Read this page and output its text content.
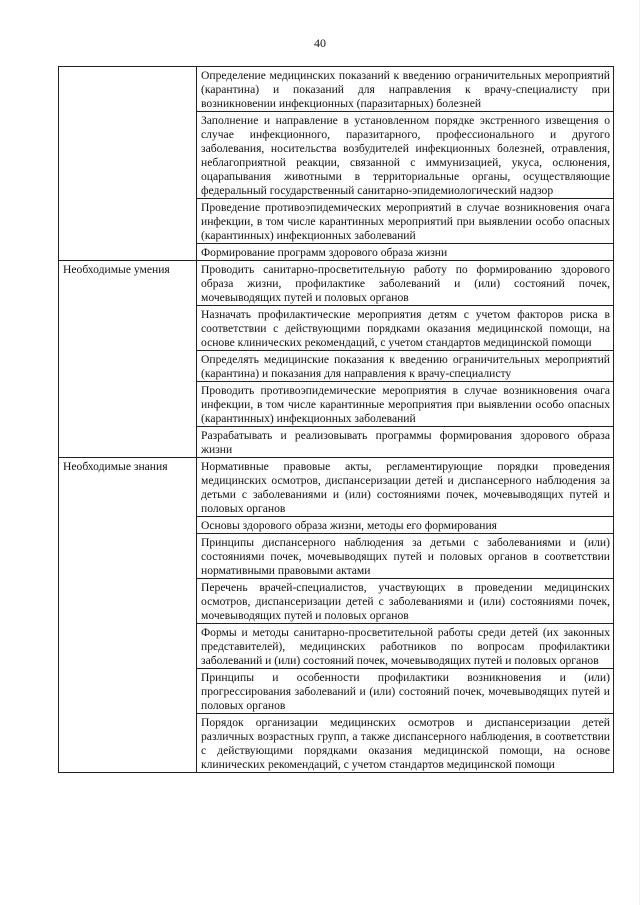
40
	Определение медицинских показаний к введению ограничительных мероприятий (карантина) и показаний для направления к врачу-специалисту при возникновении инфекционных (паразитарных) болезней
	Заполнение и направление в установленном порядке экстренного извещения о случае инфекционного, паразитарного, профессионального и другого заболевания, носительства возбудителей инфекционных болезней, отравления, неблагоприятной реакции, связанной с иммунизацией, укуса, ослюнения, оцарапывания животными в территориальные органы, осуществляющие федеральный государственный санитарно-эпидемиологический надзор
	Проведение противоэпидемических мероприятий в случае возникновения очага инфекции, в том числе карантинных мероприятий при выявлении особо опасных (карантинных) инфекционных заболеваний
	Формирование программ здорового образа жизни
Необходимые умения	Проводить санитарно-просветительную работу по формированию здорового образа жизни, профилактике заболеваний и (или) состояний почек, мочевыводящих путей и половых органов
	Назначать профилактические мероприятия детям с учетом факторов риска в соответствии с действующими порядками оказания медицинской помощи, на основе клинических рекомендаций, с учетом стандартов медицинской помощи
	Определять медицинские показания к введению ограничительных мероприятий (карантина) и показания для направления к врачу-специалисту
	Проводить противоэпидемические мероприятия в случае возникновения очага инфекции, в том числе карантинные мероприятия при выявлении особо опасных (карантинных) инфекционных заболеваний
	Разрабатывать и реализовывать программы формирования здорового образа жизни
Необходимые знания	Нормативные правовые акты, регламентирующие порядки проведения медицинских осмотров, диспансеризации детей и диспансерного наблюдения за детьми с заболеваниями и (или) состояниями почек, мочевыводящих путей и половых органов
	Основы здорового образа жизни, методы его формирования
	Принципы диспансерного наблюдения за детьми с заболеваниями и (или) состояниями почек, мочевыводящих путей и половых органов в соответствии нормативными правовыми актами
	Перечень врачей-специалистов, участвующих в проведении медицинских осмотров, диспансеризации детей с заболеваниями и (или) состояниями почек, мочевыводящих путей и половых органов
	Формы и методы санитарно-просветительной работы среди детей (их законных представителей), медицинских работников по вопросам профилактики заболеваний и (или) состояний почек, мочевыводящих путей и половых органов
	Принципы и особенности профилактики возникновения и (или) прогрессирования заболеваний и (или) состояний почек, мочевыводящих путей и половых органов
	Порядок организации медицинских осмотров и диспансеризации детей различных возрастных групп, а также диспансерного наблюдения, в соответствии с действующими порядками оказания медицинской помощи, на основе клинических рекомендаций, с учетом стандартов медицинской помощи
